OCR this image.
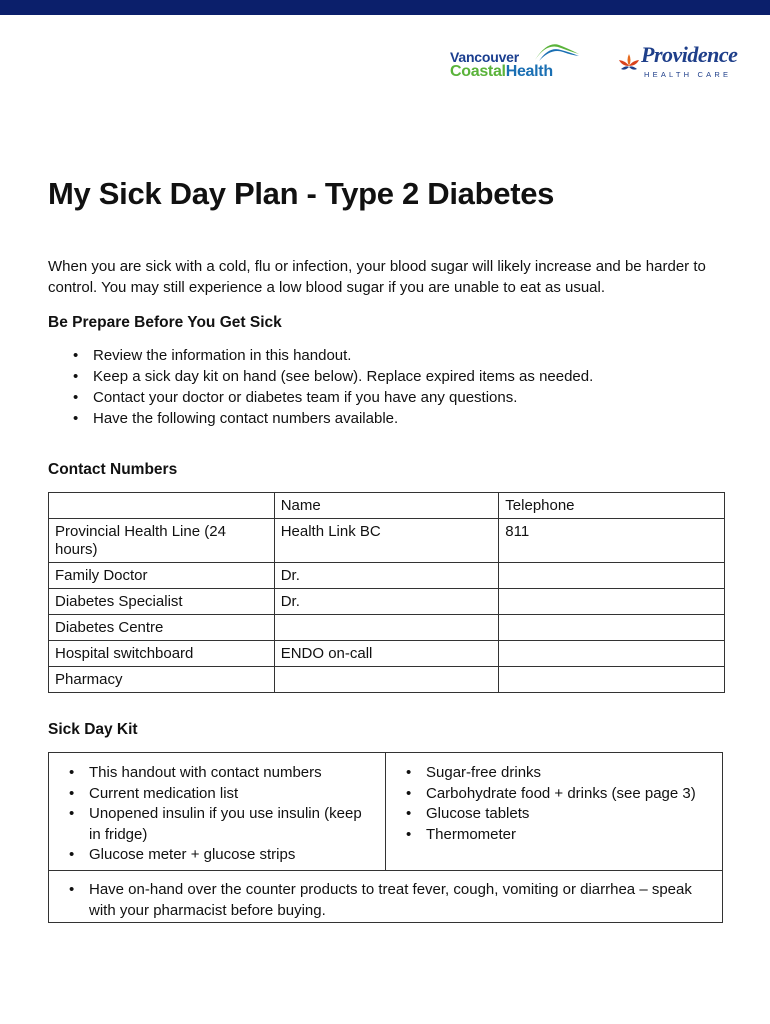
Vancouver
CoastalHealth
Providence
HEALTH CARE
My Sick Day Plan - Type 2 Diabetes

When you are sick with a cold, flu or infection, your blood sugar will likely increase and be harder to control. You may still experience a low blood sugar if you are unable to eat as usual.

Be Prepare Before You Get Sick
• Review the information in this handout.
• Keep a sick day kit on hand (see below). Replace expired items as needed.
• Contact your doctor or diabetes team if you have any questions.
• Have the following contact numbers available.
Contact Numbers
	Name	Telephone
Provincial Health Line (24 hours)	Health Link BC	811
Family Doctor	Dr.	
Diabetes Specialist	Dr.	
Diabetes Centre		
Hospital switchboard	ENDO on-call	
Pharmacy		
Sick Day Kit
• This handout with contact numbers
• Current medication list
• Unopened insulin if you use insulin (keep in fridge)
• Glucose meter + glucose strips
• Sugar-free drinks
• Carbohydrate food + drinks (see page 3)
• Glucose tablets
• Thermometer
• Have on-hand over the counter products to treat fever, cough, vomiting or diarrhea – speak with your pharmacist before buying.
